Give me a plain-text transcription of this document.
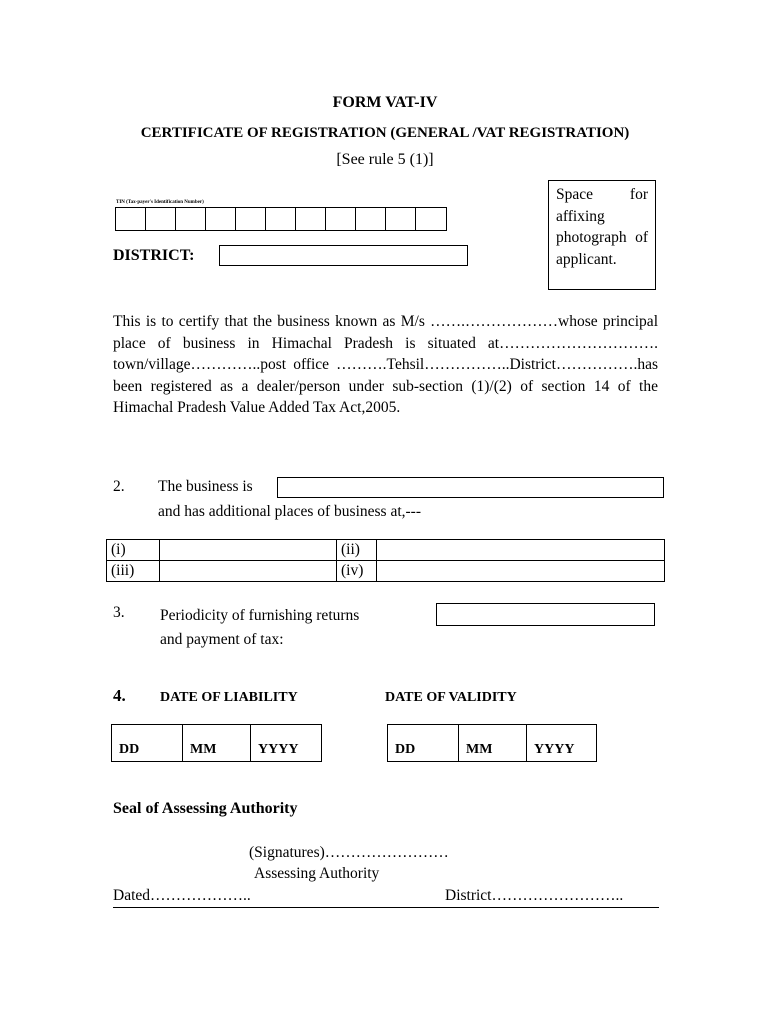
FORM VAT-IV
CERTIFICATE OF REGISTRATION (GENERAL /VAT REGISTRATION)
[See rule 5 (1)]
TIN (Tax-payer's Identification Number)
DISTRICT:
Space for affixing photograph of applicant.
This is to certify that the business known as M/s …….………………whose principal place of business in Himachal Pradesh is situated at…………………………. town/village…………..post office ……….Tehsil……………..District…………….has been registered as a dealer/person under sub-section (1)/(2) of section 14 of the Himachal Pradesh Value Added Tax Act,2005.
2. The business is
and has additional places of business at,---
(i)		(ii)	
(iii)		(iv)	
3. Periodicity of furnishing returns
and payment of tax:
4. DATE OF LIABILITY	DATE OF VALIDITY
DD	MM	YYYY	DD	MM	YYYY
Seal of Assessing Authority
(Signatures)……………………
Assessing Authority
Dated………………..	District……………………..
